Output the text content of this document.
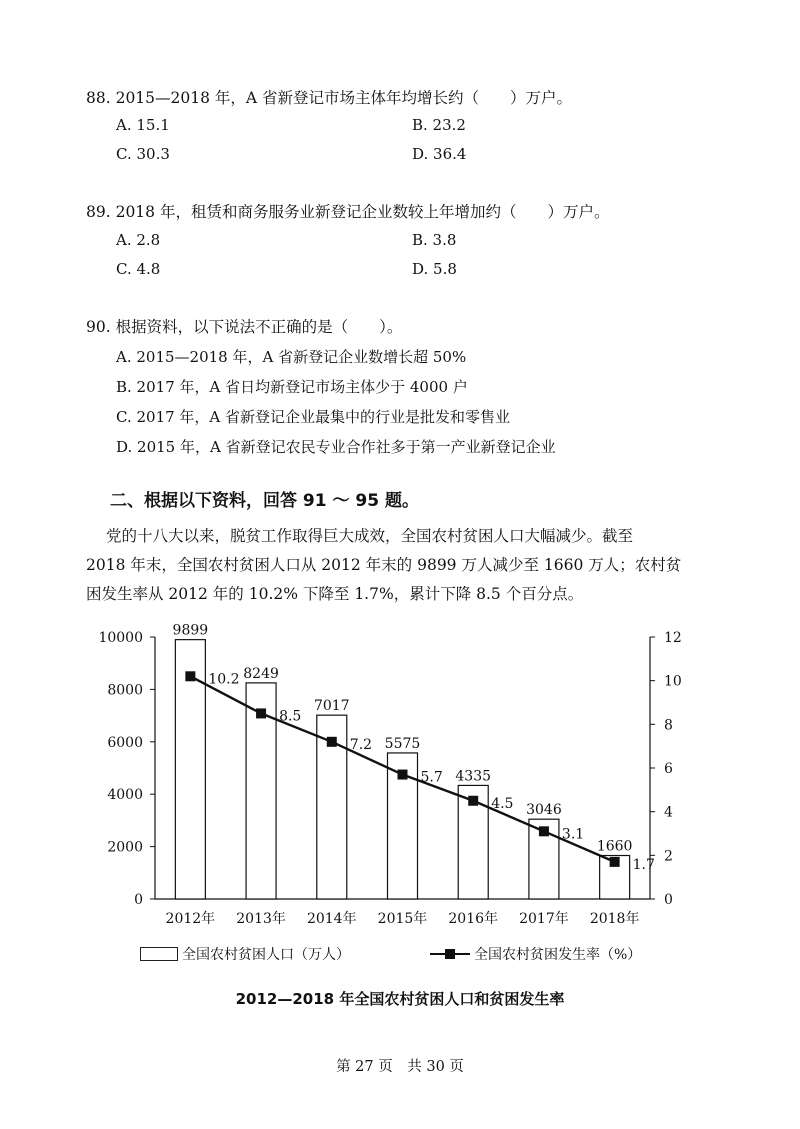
88. 2015—2018 年，A 省新登记市场主体年均增长约（　　）万户。
A. 15.1	B. 23.2
C. 30.3	D. 36.4
89. 2018 年，租赁和商务服务业新登记企业数较上年增加约（　　）万户。
A. 2.8	B. 3.8
C. 4.8	D. 5.8
90. 根据资料，以下说法不正确的是（　　）。
A. 2015—2018 年，A 省新登记企业数增长超 50%
B. 2017 年，A 省日均新登记市场主体少于 4000 户
C. 2017 年，A 省新登记企业最集中的行业是批发和零售业
D. 2015 年，A 省新登记农民专业合作社多于第一产业新登记企业
二、根据以下资料，回答 91 ～ 95 题。
党的十八大以来，脱贫工作取得巨大成效，全国农村贫困人口大幅减少。截至
2018 年末，全国农村贫困人口从 2012 年末的 9899 万人减少至 1660 万人；农村贫
困发生率从 2012 年的 10.2% 下降至 1.7%，累计下降 8.5 个百分点。
9899
8249
7017
5575
4335
3046
1660
10.2
8.5
7.2
5.7
4.5
3.1
1.7
0
2000
4000
6000
8000
10000
0
2
4
6
8
10
12
2012年 2013年 2014年 2015年 2016年 2017年 2018年
全国农村贫困人口（万人）	全国农村贫困发生率（%）
2012—2018 年全国农村贫困人口和贫困发生率
第 27 页　共 30 页
